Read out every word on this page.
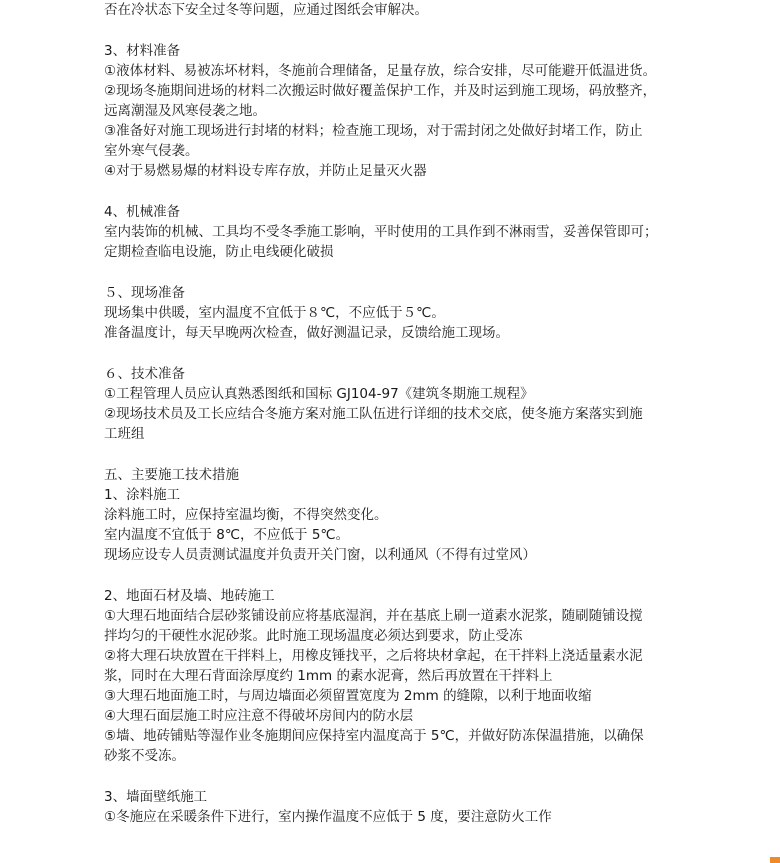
否在冷状态下安全过冬等问题，应通过图纸会审解决。
3、材料准备
①液体材料、易被冻坏材料，冬施前合理储备，足量存放，综合安排，尽可能避开低温进货。
②现场冬施期间进场的材料二次搬运时做好覆盖保护工作，并及时运到施工现场，码放整齐，
远离潮湿及风寒侵袭之地。
③准备好对施工现场进行封堵的材料；检查施工现场，对于需封闭之处做好封堵工作，防止
室外寒气侵袭。
④对于易燃易爆的材料设专库存放，并防止足量灭火器
4、机械准备
室内装饰的机械、工具均不受冬季施工影响，平时使用的工具作到不淋雨雪，妥善保管即可；
定期检查临电设施，防止电线硬化破损
５、现场准备
现场集中供暖，室内温度不宜低于８℃，不应低于５℃。
准备温度计，每天早晚两次检查，做好测温记录，反馈给施工现场。
６、技术准备
①工程管理人员应认真熟悉图纸和国标 GJ104-97《建筑冬期施工规程》
②现场技术员及工长应结合冬施方案对施工队伍进行详细的技术交底，使冬施方案落实到施
工班组
五、主要施工技术措施
1、涂料施工
涂料施工时，应保持室温均衡，不得突然变化。
室内温度不宜低于 8℃，不应低于 5℃。
现场应设专人员责测试温度并负责开关门窗，以利通风（不得有过堂风）
2、地面石材及墙、地砖施工
①大理石地面结合层砂浆铺设前应将基底湿润，并在基底上刷一道素水泥浆，随刷随铺设搅
拌均匀的干硬性水泥砂浆。此时施工现场温度必须达到要求，防止受冻
②将大理石块放置在干拌料上，用橡皮锤找平，之后将块材拿起，在干拌料上浇适量素水泥
浆，同时在大理石背面涂厚度约 1mm 的素水泥膏，然后再放置在干拌料上
③大理石地面施工时，与周边墙面必须留置宽度为 2mm 的缝隙，以利于地面收缩
④大理石面层施工时应注意不得破坏房间内的防水层
⑤墙、地砖铺贴等湿作业冬施期间应保持室内温度高于 5℃，并做好防冻保温措施，以确保
砂浆不受冻。
3、墙面壁纸施工
①冬施应在采暖条件下进行，室内操作温度不应低于 5 度，要注意防火工作
